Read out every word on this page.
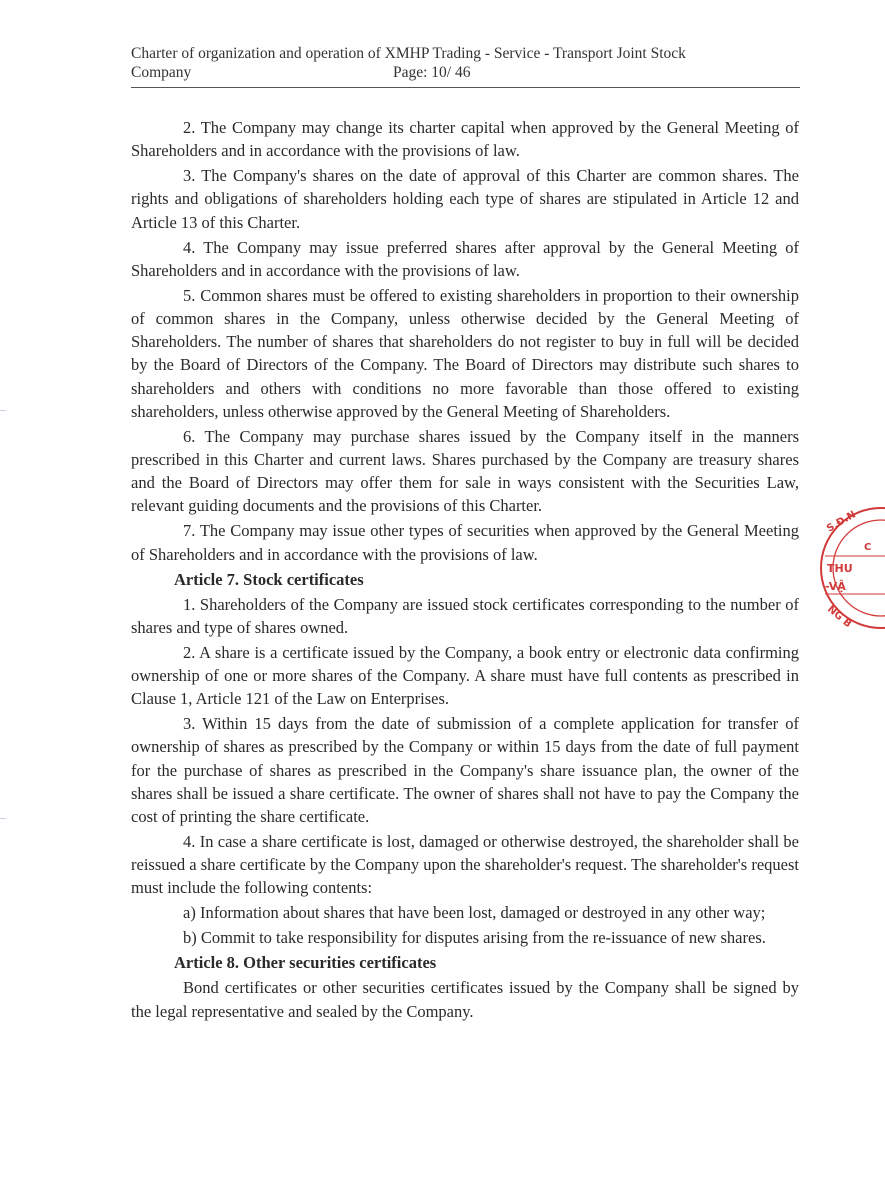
Charter of organization and operation of XMHP Trading - Service - Transport Joint Stock
Company	Page: 10/ 46

2. The Company may change its charter capital when approved by the General Meeting of Shareholders and in accordance with the provisions of law.

3. The Company's shares on the date of approval of this Charter are common shares. The rights and obligations of shareholders holding each type of shares are stipulated in Article 12 and Article 13 of this Charter.

4. The Company may issue preferred shares after approval by the General Meeting of Shareholders and in accordance with the provisions of law.

5. Common shares must be offered to existing shareholders in proportion to their ownership of common shares in the Company, unless otherwise decided by the General Meeting of Shareholders. The number of shares that shareholders do not register to buy in full will be decided by the Board of Directors of the Company. The Board of Directors may distribute such shares to shareholders and others with conditions no more favorable than those offered to existing shareholders, unless otherwise approved by the General Meeting of Shareholders.

6. The Company may purchase shares issued by the Company itself in the manners prescribed in this Charter and current laws. Shares purchased by the Company are treasury shares and the Board of Directors may offer them for sale in ways consistent with the Securities Law, relevant guiding documents and the provisions of this Charter.

7. The Company may issue other types of securities when approved by the General Meeting of Shareholders and in accordance with the provisions of law.

Article 7. Stock certificates

1. Shareholders of the Company are issued stock certificates corresponding to the number of shares and type of shares owned.

2. A share is a certificate issued by the Company, a book entry or electronic data confirming ownership of one or more shares of the Company. A share must have full contents as prescribed in Clause 1, Article 121 of the Law on Enterprises.

3. Within 15 days from the date of submission of a complete application for transfer of ownership of shares as prescribed by the Company or within 15 days from the date of full payment for the purchase of shares as prescribed in the Company's share issuance plan, the owner of the shares shall be issued a share certificate. The owner of shares shall not have to pay the Company the cost of printing the share certificate.

4. In case a share certificate is lost, damaged or otherwise destroyed, the shareholder shall be reissued a share certificate by the Company upon the shareholder's request. The shareholder's request must include the following contents:

a) Information about shares that have been lost, damaged or destroyed in any other way;

b) Commit to take responsibility for disputes arising from the re-issuance of new shares.

Article 8. Other securities certificates

Bond certificates or other securities certificates issued by the Company shall be signed by the legal representative and sealed by the Company.

S.Đ.N
C
THU
-VẬ
NG B
